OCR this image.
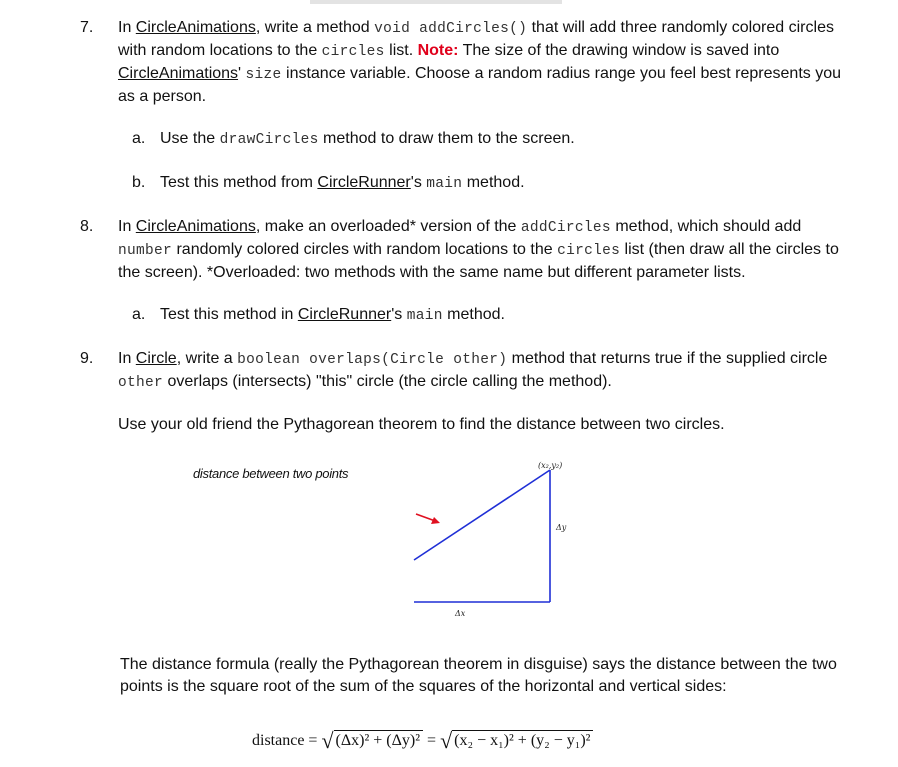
7. In CircleAnimations, write a method void addCircles() that will add three randomly colored circles with random locations to the circles list. Note: The size of the drawing window is saved into CircleAnimations' size instance variable. Choose a random radius range you feel best represents you as a person.
a. Use the drawCircles method to draw them to the screen.
b. Test this method from CircleRunner's main method.
8. In CircleAnimations, make an overloaded* version of the addCircles method, which should add number randomly colored circles with random locations to the circles list (then draw all the circles to the screen). *Overloaded: two methods with the same name but different parameter lists.
a. Test this method in CircleRunner's main method.
9. In Circle, write a boolean overlaps(Circle other) method that returns true if the supplied circle other overlaps (intersects) "this" circle (the circle calling the method).
Use your old friend the Pythagorean theorem to find the distance between two circles.
distance between two points
(x₂,y₂)
Δy
Δx
The distance formula (really the Pythagorean theorem in disguise) says the distance between the two points is the square root of the sum of the squares of the horizontal and vertical sides:
distance = √ (Δx)² + (Δy)² = √ (x₂ − x₁)² + (y₂ − y₁)²
